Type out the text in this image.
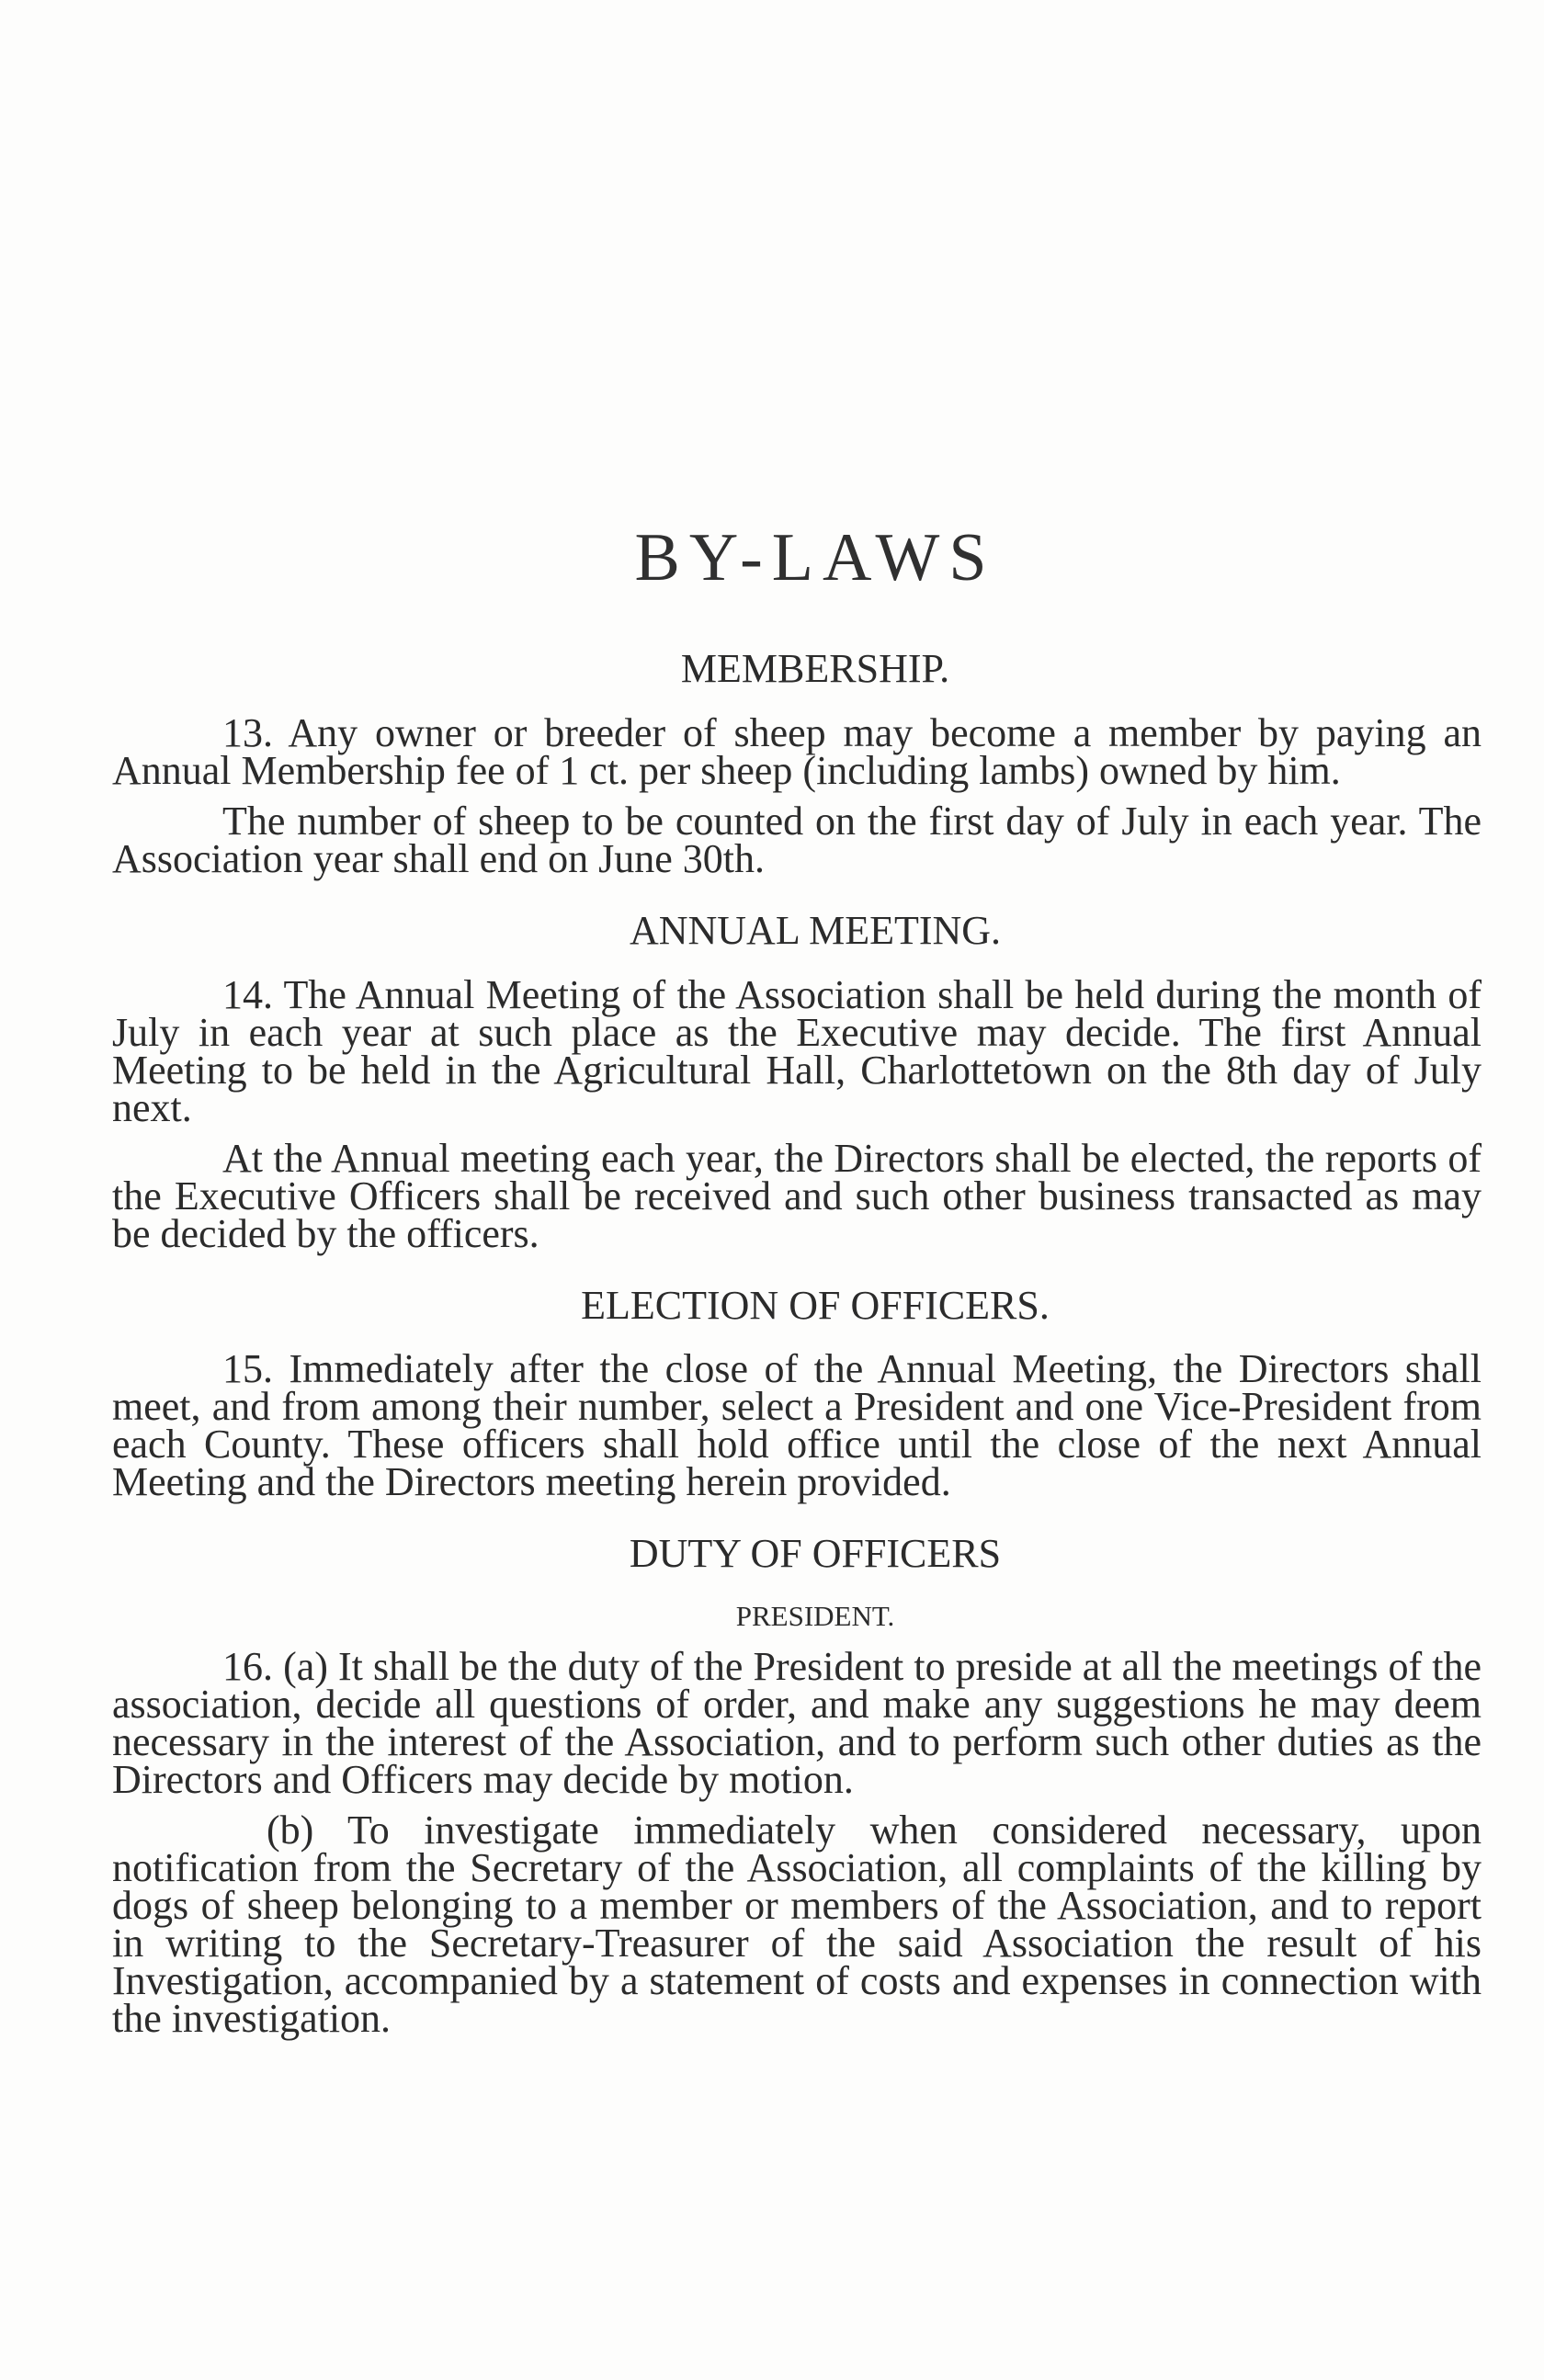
BY-LAWS
MEMBERSHIP.

13. Any owner or breeder of sheep may become a member by paying an Annual Membership fee of 1 ct. per sheep (including lambs) owned by him.

The number of sheep to be counted on the first day of July in each year. The Association year shall end on June 30th.

ANNUAL MEETING.

14. The Annual Meeting of the Association shall be held during the month of July in each year at such place as the Executive may decide. The first Annual Meeting to be held in the Agricultural Hall, Charlottetown on the 8th day of July next.

At the Annual meeting each year, the Directors shall be elected, the reports of the Executive Officers shall be received and such other business transacted as may be decided by the officers.

ELECTION OF OFFICERS.

15. Immediately after the close of the Annual Meeting, the Directors shall meet, and from among their number, select a President and one Vice-President from each County. These officers shall hold office until the close of the next Annual Meeting and the Directors meeting herein provided.

DUTY OF OFFICERS
PRESIDENT.

16. (a) It shall be the duty of the President to preside at all the meetings of the association, decide all questions of order, and make any suggestions he may deem necessary in the interest of the Association, and to perform such other duties as the Directors and Officers may decide by motion.

(b) To investigate immediately when considered necessary, upon notification from the Secretary of the Association, all complaints of the killing by dogs of sheep belonging to a member or members of the Association, and to report in writing to the Secretary-Treasurer of the said Association the result of his Investigation, accompanied by a statement of costs and expenses in connection with the investigation.
